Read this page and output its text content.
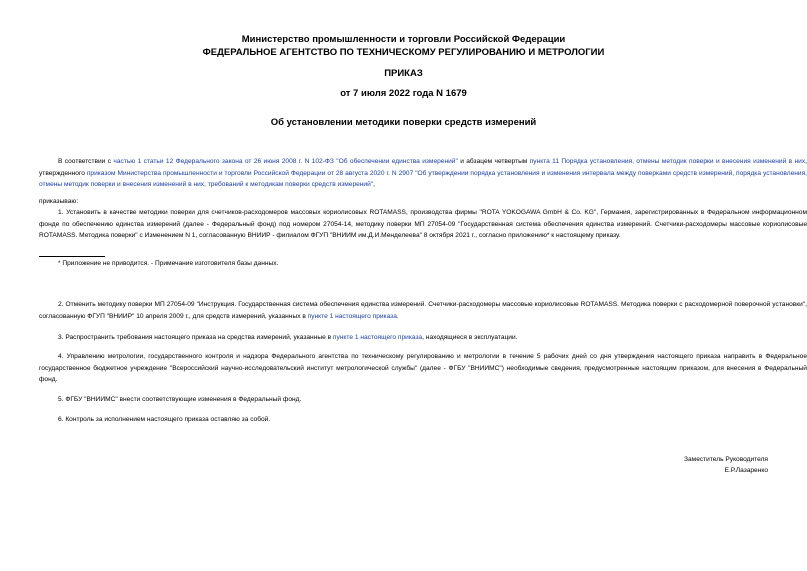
Министерство промышленности и торговли Российской Федерации
ФЕДЕРАЛЬНОЕ АГЕНТСТВО ПО ТЕХНИЧЕСКОМУ РЕГУЛИРОВАНИЮ И МЕТРОЛОГИИ
ПРИКАЗ
от 7 июля 2022 года N 1679
Об установлении методики поверки средств измерений
В соответствии с частью 1 статьи 12 Федерального закона от 26 июня 2008 г. N 102-ФЗ "Об обеспечении единства измерений" и абзацем четвертым пункта 11 Порядка установления, отмены методик поверки и внесения изменений в них, утвержденного приказом Министерства промышленности и торговли Российской Федерации от 28 августа 2020 г. N 2907 "Об утверждении порядка установления и изменения интервала между поверками средств измерений, порядка установления, отмены методик поверки и внесения изменений в них, требований к методикам поверки средств измерений",
приказываю:
1. Установить в качестве методики поверки для счетчиков-расходомеров массовых кориолисовых ROTAMASS, производства фирмы "ROTA YOKOGAWA GmbH & Co. KG", Германия, зарегистрированных в Федеральном информационном фонде по обеспечению единства измерений (далее - Федеральный фонд) под номером 27054-14, методику поверки МП 27054-09 "Государственная система обеспечения единства измерений. Счетчики-расходомеры массовые кориолисовые ROTAMASS. Методика поверки" с Изменением N 1, согласованную ВНИИР - филиалом ФГУП "ВНИИМ им.Д.И.Менделеева" 8 октября 2021 г., согласно приложению* к настоящему приказу.
* Приложение не приводится. - Примечание изготовителя базы данных.
2. Отменить методику поверки МП 27054-09 "Инструкция. Государственная система обеспечения единства измерений. Счетчики-расходомеры массовые кориолисовые ROTAMASS. Методика поверки с расходомерной поверочной установки", согласованную ФГУП "ВНИИР" 10 апреля 2009 г., для средств измерений, указанных в пункте 1 настоящего приказа.
3. Распространить требования настоящего приказа на средства измерений, указанные в пункте 1 настоящего приказа, находящиеся в эксплуатации.
4. Управлению метрологии, государственного контроля и надзора Федерального агентства по техническому регулированию и метрологии в течение 5 рабочих дней со дня утверждения настоящего приказа направить в Федеральное государственное бюджетное учреждение "Всероссийский научно-исследовательский институт метрологической службы" (далее - ФГБУ "ВНИИМС") необходимые сведения, предусмотренные настоящим приказом, для внесения в Федеральный фонд.
5. ФГБУ "ВНИИМС" внести соответствующие изменения в Федеральный фонд.
6. Контроль за исполнением настоящего приказа оставляю за собой.
Заместитель Руководителя
Е.Р.Лазаренко
